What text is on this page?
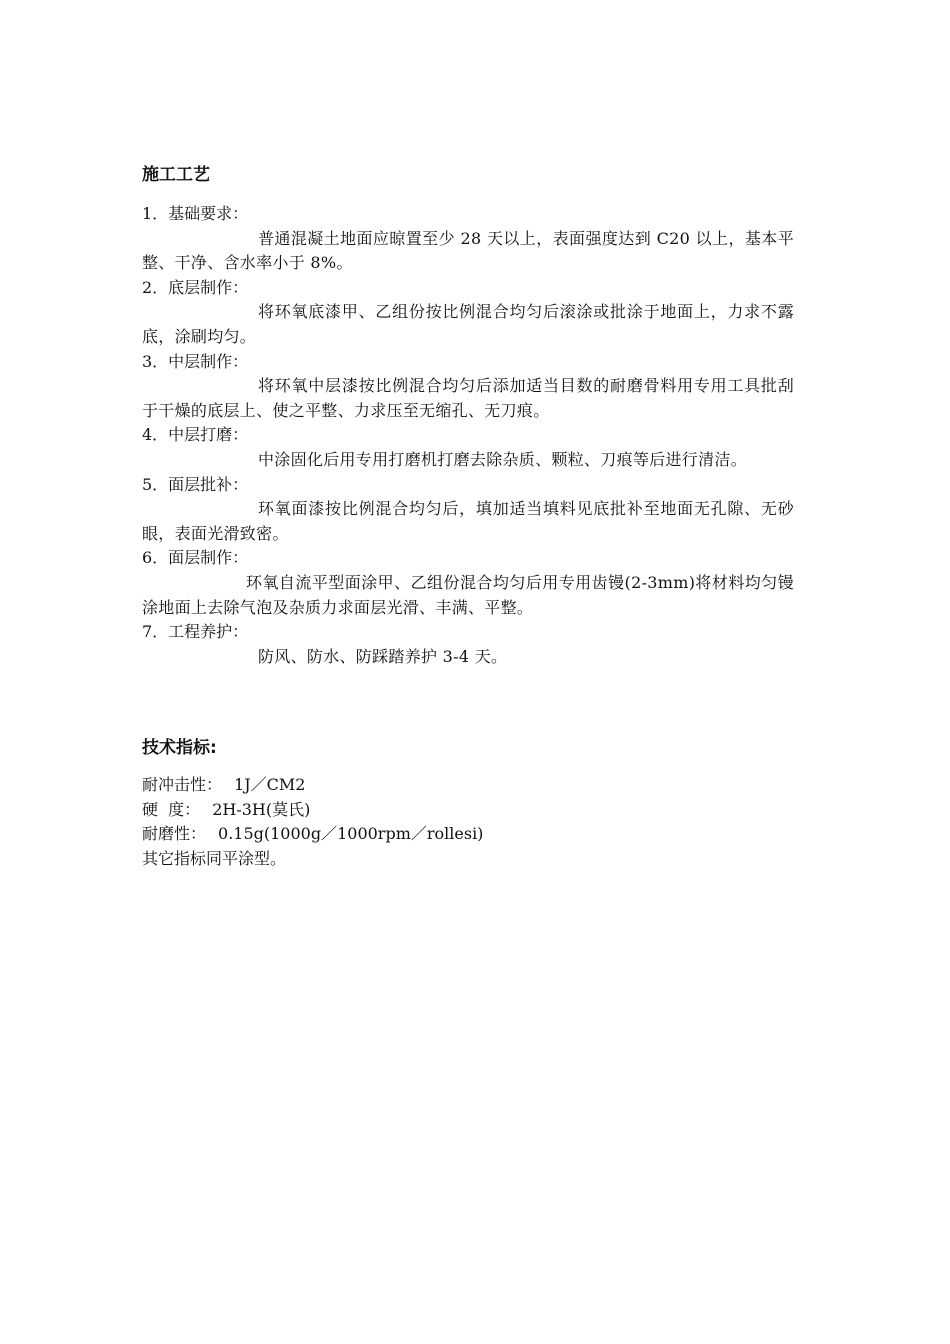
施工工艺
1．基础要求：
普通混凝土地面应晾置至少 28 天以上，表面强度达到 C20 以上，基本平整、干净、含水率小于 8%。
2．底层制作：
将环氧底漆甲、乙组份按比例混合均匀后滚涂或批涂于地面上，力求不露底，涂刷均匀。
3．中层制作：
将环氧中层漆按比例混合均匀后添加适当目数的耐磨骨料用专用工具批刮于干燥的底层上、使之平整、力求压至无缩孔、无刀痕。
4．中层打磨：
中涂固化后用专用打磨机打磨去除杂质、颗粒、刀痕等后进行清洁。
5．面层批补：
环氧面漆按比例混合均匀后，填加适当填料见底批补至地面无孔隙、无砂眼，表面光滑致密。
6．面层制作：
环氧自流平型面涂甲、乙组份混合均匀后用专用齿镘(2-3mm)将材料均匀镘涂地面上去除气泡及杂质力求面层光滑、丰满、平整。
7．工程养护：
防风、防水、防踩踏养护 3-4 天。
技术指标:
耐冲击性： 1J／CM2
硬  度： 2H-3H(莫氏)
耐磨性： 0.15g(1000g／1000rpm／rollesi)
其它指标同平涂型。
